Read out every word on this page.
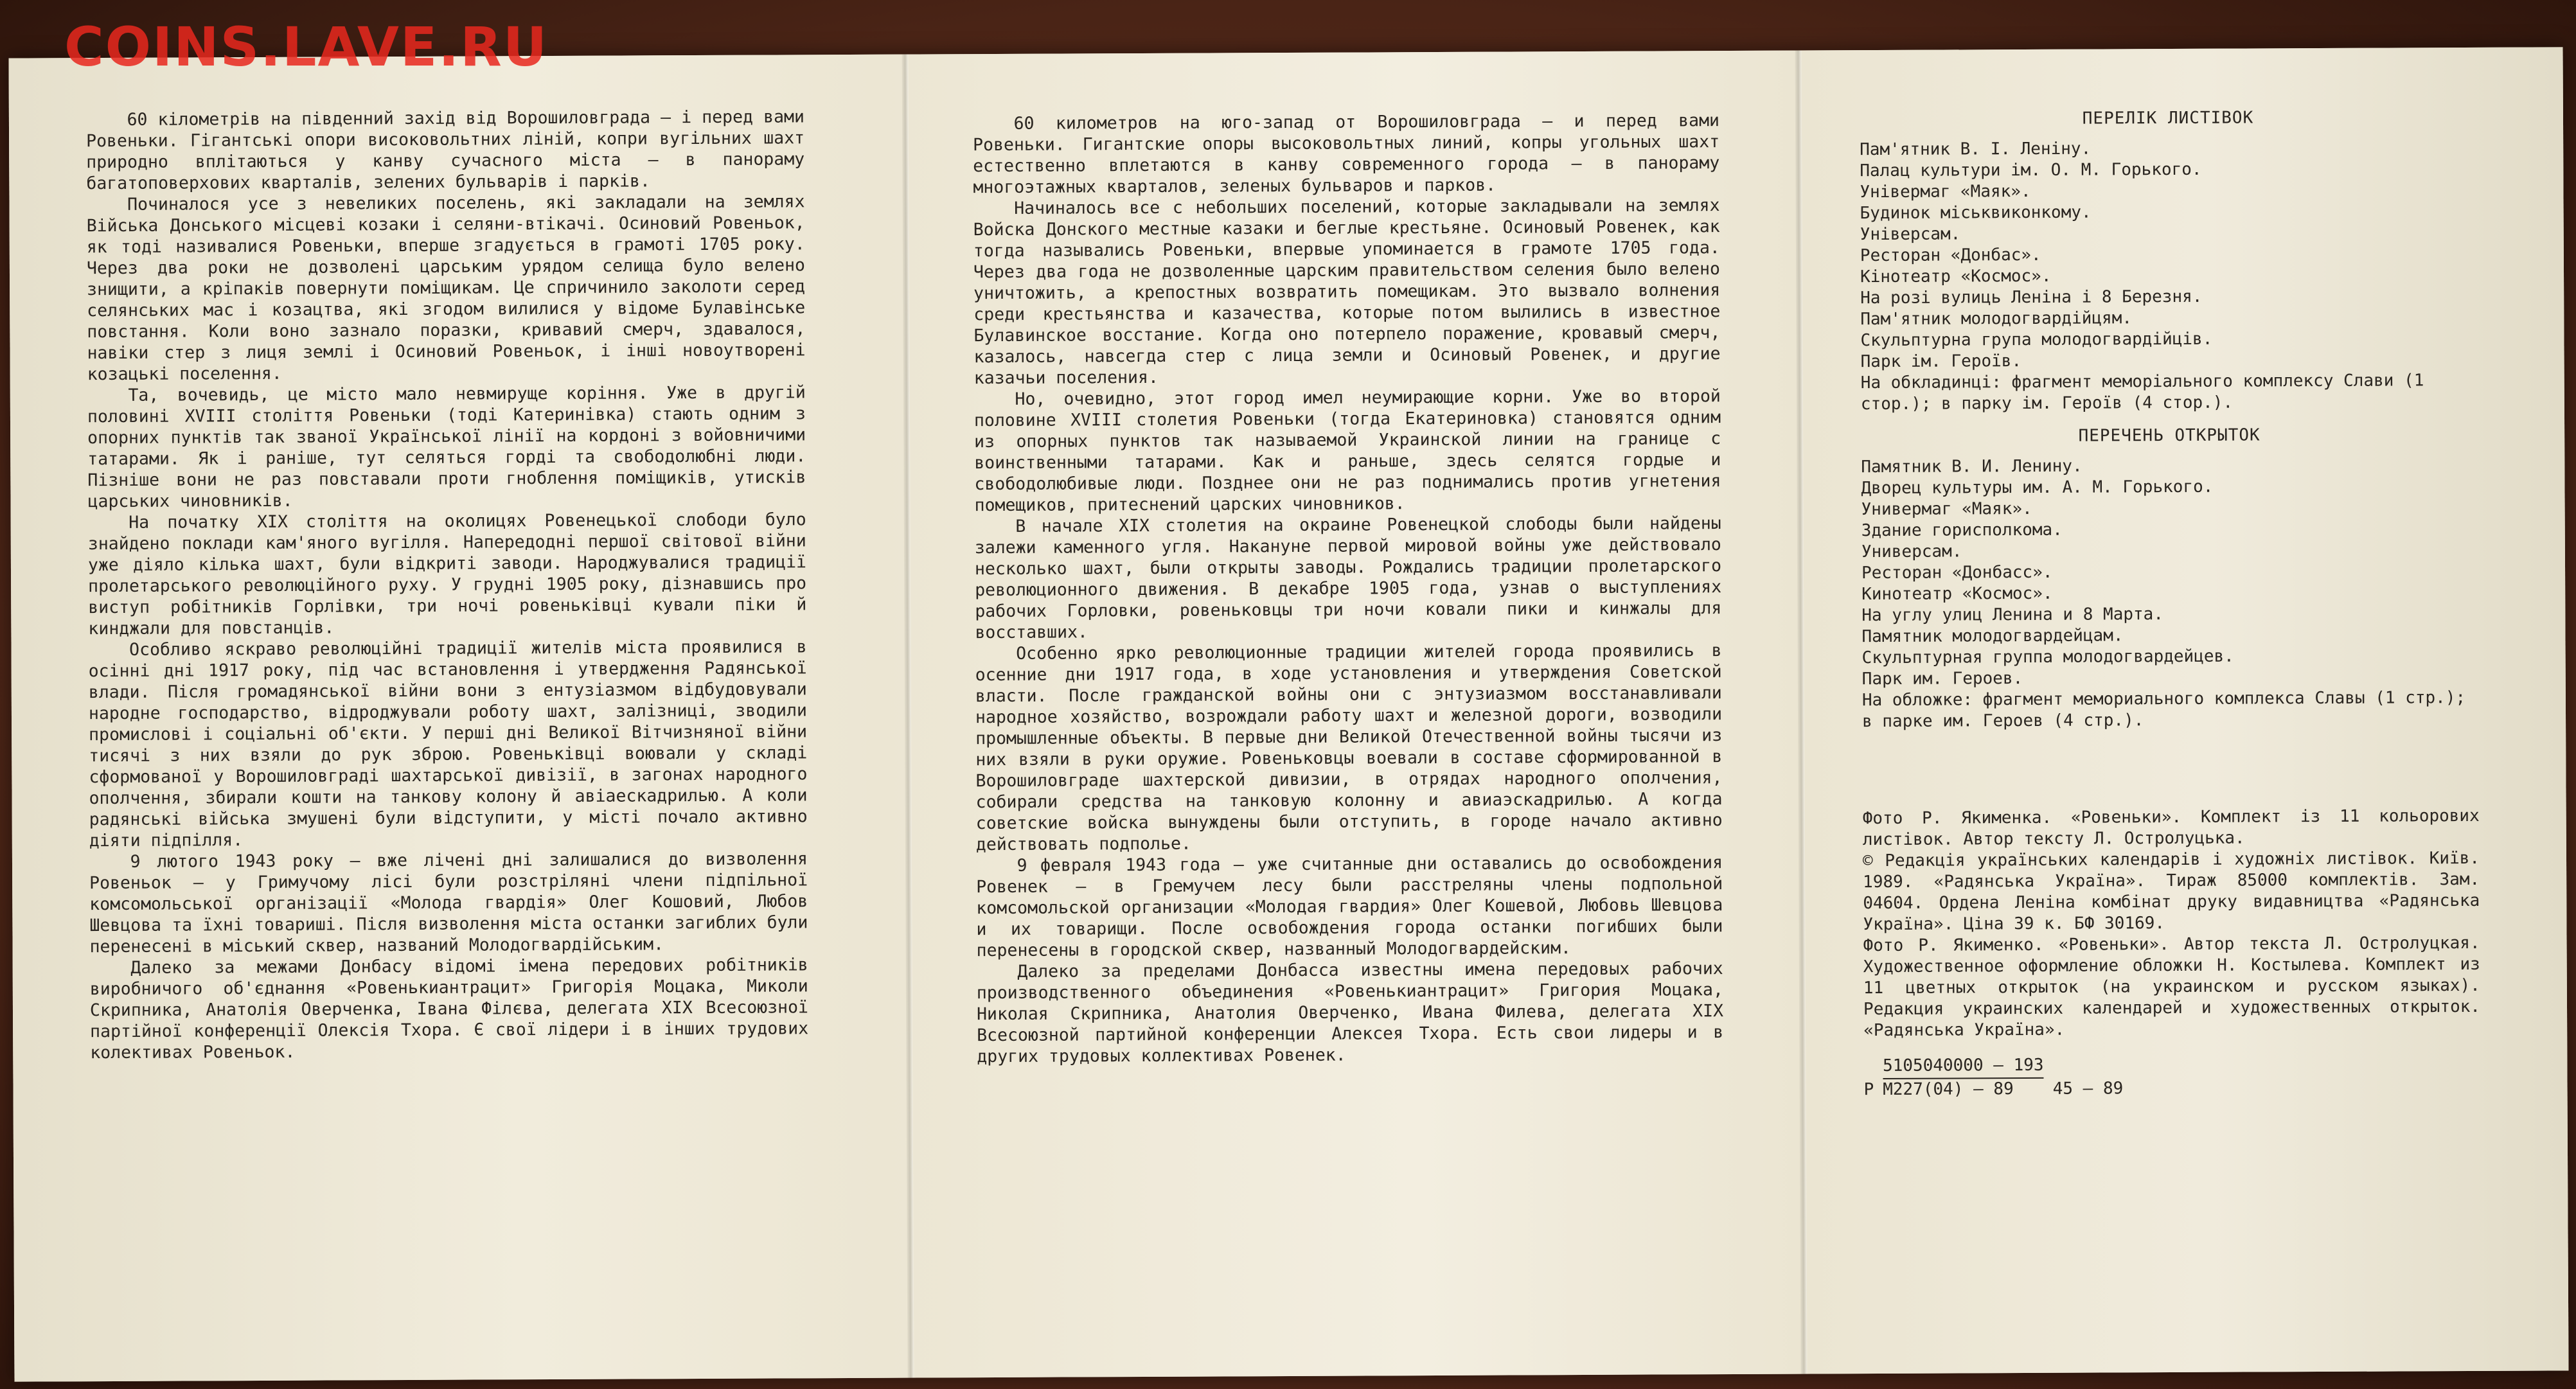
COINS.LAVE.RU

60 кілометрів на південний захід від Ворошиловграда — і перед вами Ровеньки. Гігантські опори високовольтних ліній, копри вугільних шахт природно вплітаються у канву сучасного міста — в панораму багатоповерхових кварталів, зелених бульварів і парків.

Починалося усе з невеликих поселень, які закладали на землях Війська Донського місцеві козаки і селяни-втікачі. Осиновий Ровеньок, як тоді називалися Ровеньки, вперше згадується в грамоті 1705 року. Через два роки не дозволені царським урядом селища було велено знищити, а кріпаків повернути поміщикам. Це спричинило заколоти серед селянських мас і козацтва, які згодом вилилися у відоме Булавінське повстання. Коли воно зазнало поразки, кривавий смерч, здавалося, навіки стер з лиця землі і Осиновий Ровеньок, і інші новоутворені козацькі поселення.

Та, вочевидь, це місто мало невмируще коріння. Уже в другій половині XVIII століття Ровеньки (тоді Катеринівка) стають одним з опорних пунктів так званої Української лінії на кордоні з войовничими татарами. Як і раніше, тут селяться горді та свободолюбні люди. Пізніше вони не раз повставали проти гноблення поміщиків, утисків царських чиновників.

На початку XIX століття на околицях Ровенецької слободи було знайдено поклади кам'яного вугілля. Напередодні першої світової війни уже діяло кілька шахт, були відкриті заводи. Народжувалися традиції пролетарського революційного руху. У грудні 1905 року, дізнавшись про виступ робітників Горлівки, три ночі ровеньківці кували піки й кинджали для повстанців.

Особливо яскраво революційні традиції жителів міста проявилися в осінні дні 1917 року, під час встановлення і утвердження Радянської влади. Після громадянської війни вони з ентузіазмом відбудовували народне господарство, відроджували роботу шахт, залізниці, зводили промислові і соціальні об'єкти. У перші дні Великої Вітчизняної війни тисячі з них взяли до рук зброю. Ровеньківці воювали у складі сформованої у Ворошиловграді шахтарської дивізії, в загонах народного ополчення, збирали кошти на танкову колону й авіаескадрилью. А коли радянські війська змушені були відступити, у місті почало активно діяти підпілля.

9 лютого 1943 року — вже лічені дні залишалися до визволення Ровеньок — у Гримучому лісі були розстріляні члени підпільної комсомольської організації «Молода гвардія» Олег Кошовий, Любов Шевцова та їхні товариші. Після визволення міста останки загиблих були перенесені в міський сквер, названий Молодогвардійським.

Далеко за межами Донбасу відомі імена передових робітників виробничого об'єднання «Ровенькиантрацит» Григорія Моцака, Миколи Скрипника, Анатолія Оверченка, Івана Філєва, делегата XIX Всесоюзної партійної конференції Олексія Тхора. Є свої лідери і в інших трудових колективах Ровеньок.

60 километров на юго-запад от Ворошиловграда — и перед вами Ровеньки. Гигантские опоры высоковольтных линий, копры угольных шахт естественно вплетаются в канву современного города — в панораму многоэтажных кварталов, зеленых бульваров и парков.

Начиналось все с небольших поселений, которые закладывали на землях Войска Донского местные казаки и беглые крестьяне. Осиновый Ровенек, как тогда назывались Ровеньки, впервые упоминается в грамоте 1705 года. Через два года не дозволенные царским правительством селения было велено уничтожить, а крепостных возвратить помещикам. Это вызвало волнения среди крестьянства и казачества, которые потом вылились в известное Булавинское восстание. Когда оно потерпело поражение, кровавый смерч, казалось, навсегда стер с лица земли и Осиновый Ровенек, и другие казачьи поселения.

Но, очевидно, этот город имел неумирающие корни. Уже во второй половине XVIII столетия Ровеньки (тогда Екатериновка) становятся одним из опорных пунктов так называемой Украинской линии на границе с воинственными татарами. Как и раньше, здесь селятся гордые и свободолюбивые люди. Позднее они не раз поднимались против угнетения помещиков, притеснений царских чиновников.

В начале XIX столетия на окраине Ровенецкой слободы были найдены залежи каменного угля. Накануне первой мировой войны уже действовало несколько шахт, были открыты заводы. Рождались традиции пролетарского революционного движения. В декабре 1905 года, узнав о выступлениях рабочих Горловки, ровеньковцы три ночи ковали пики и кинжалы для восставших.

Особенно ярко революционные традиции жителей города проявились в осенние дни 1917 года, в ходе установления и утверждения Советской власти. После гражданской войны они с энтузиазмом восстанавливали народное хозяйство, возрождали работу шахт и железной дороги, возводили промышленные объекты. В первые дни Великой Отечественной войны тысячи из них взяли в руки оружие. Ровеньковцы воевали в составе сформированной в Ворошиловграде шахтерской дивизии, в отрядах народного ополчения, собирали средства на танковую колонну и авиаэскадрилью. А когда советские войска вынуждены были отступить, в городе начало активно действовать подполье.

9 февраля 1943 года — уже считанные дни оставались до освобождения Ровенек — в Гремучем лесу были расстреляны члены подпольной комсомольской организации «Молодая гвардия» Олег Кошевой, Любовь Шевцова и их товарищи. После освобождения города останки погибших были перенесены в городской сквер, названный Молодогвардейским.

Далеко за пределами Донбасса известны имена передовых рабочих производственного объединения «Ровенькиантрацит» Григория Моцака, Николая Скрипника, Анатолия Оверченко, Ивана Филева, делегата XIX Всесоюзной партийной конференции Алексея Тхора. Есть свои лидеры и в других трудовых коллективах Ровенек.

ПЕРЕЛІК ЛИСТІВОК
Пам'ятник В. І. Леніну.
Палац культури ім. О. М. Горького.
Універмаг «Маяк».
Будинок міськвиконкому.
Універсам.
Ресторан «Донбас».
Кінотеатр «Космос».
На розі вулиць Леніна і 8 Березня.
Пам'ятник молодогвардійцям.
Скульптурна група молодогвардійців.
Парк ім. Героїв.
На обкладинці: фрагмент меморіального комплексу Слави (1 стор.); в парку ім. Героїв (4 стор.).
ПЕРЕЧЕНЬ ОТКРЫТОК
Памятник В. И. Ленину.
Дворец культуры им. А. М. Горького.
Универмаг «Маяк».
Здание горисполкома.
Универсам.
Ресторан «Донбасс».
Кинотеатр «Космос».
На углу улиц Ленина и 8 Марта.
Памятник молодогвардейцам.
Скульптурная группа молодогвардейцев.
Парк им. Героев.
На обложке: фрагмент мемориального комплекса Славы (1 стр.); в парке им. Героев (4 стр.).

Фото Р. Якименка. «Ровеньки». Комплект із 11 кольорових листівок. Автор тексту Л. Остролуцька.

© Редакція українських календарів і художніх листівок. Київ. 1989. «Радянська Україна». Тираж 85000 комплектів. Зам. 04604. Ордена Леніна комбінат друку видавництва «Радянська Україна». Ціна 39 к. БФ 30169.

Фото Р. Якименко. «Ровеньки». Автор текста Л. Остролуцкая. Художественное оформление обложки Н. Костылева. Комплект из 11 цветных открыток (на украинском и русском языках). Редакция украинских календарей и художественных открыток. «Радянська Україна».

Р $\frac{5105040000 — 193}{М227(04) — 89} 45$ — 89
